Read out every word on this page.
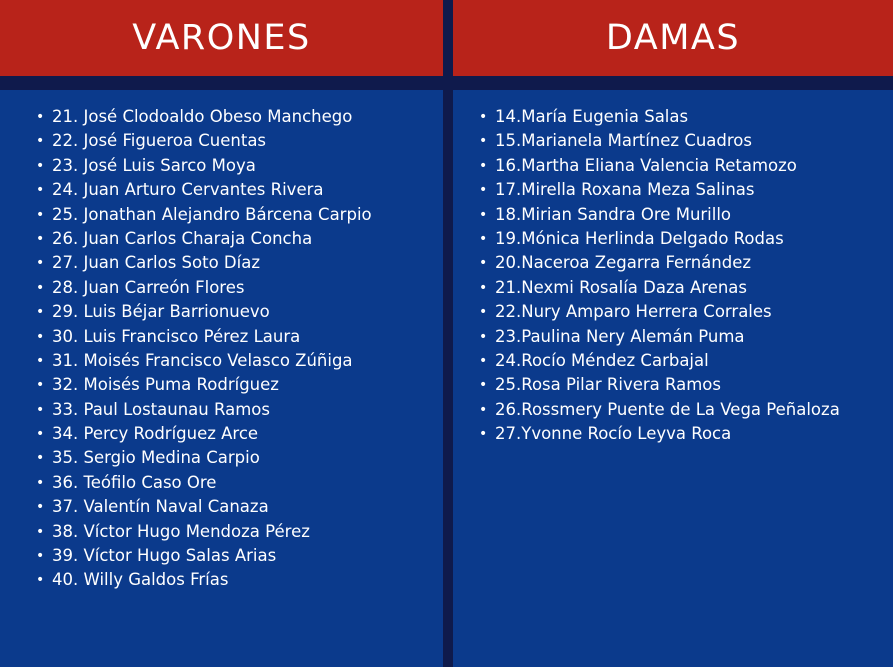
VARONES
• 21. José Clodoaldo Obeso Manchego
• 22. José Figueroa Cuentas
• 23. José Luis Sarco Moya
• 24. Juan Arturo Cervantes Rivera
• 25. Jonathan Alejandro Bárcena Carpio
• 26. Juan Carlos Charaja Concha
• 27. Juan Carlos Soto Díaz
• 28. Juan Carreón Flores
• 29. Luis Béjar Barrionuevo
• 30. Luis Francisco Pérez Laura
• 31. Moisés Francisco Velasco Zúñiga
• 32. Moisés Puma Rodríguez
• 33. Paul Lostaunau Ramos
• 34. Percy Rodríguez Arce
• 35. Sergio Medina Carpio
• 36. Teófilo Caso Ore
• 37. Valentín Naval Canaza
• 38. Víctor Hugo Mendoza Pérez
• 39. Víctor Hugo Salas Arias
• 40. Willy Galdos Frías
DAMAS
• 14.María Eugenia Salas
• 15.Marianela Martínez Cuadros
• 16.Martha Eliana Valencia Retamozo
• 17.Mirella Roxana Meza Salinas
• 18.Mirian Sandra Ore Murillo
• 19.Mónica Herlinda Delgado Rodas
• 20.Naceroa Zegarra Fernández
• 21.Nexmi Rosalía Daza Arenas
• 22.Nury Amparo Herrera Corrales
• 23.Paulina Nery Alemán Puma
• 24.Rocío Méndez Carbajal
• 25.Rosa Pilar Rivera Ramos
• 26.Rossmery Puente de La Vega Peñaloza
• 27.Yvonne Rocío Leyva Roca
